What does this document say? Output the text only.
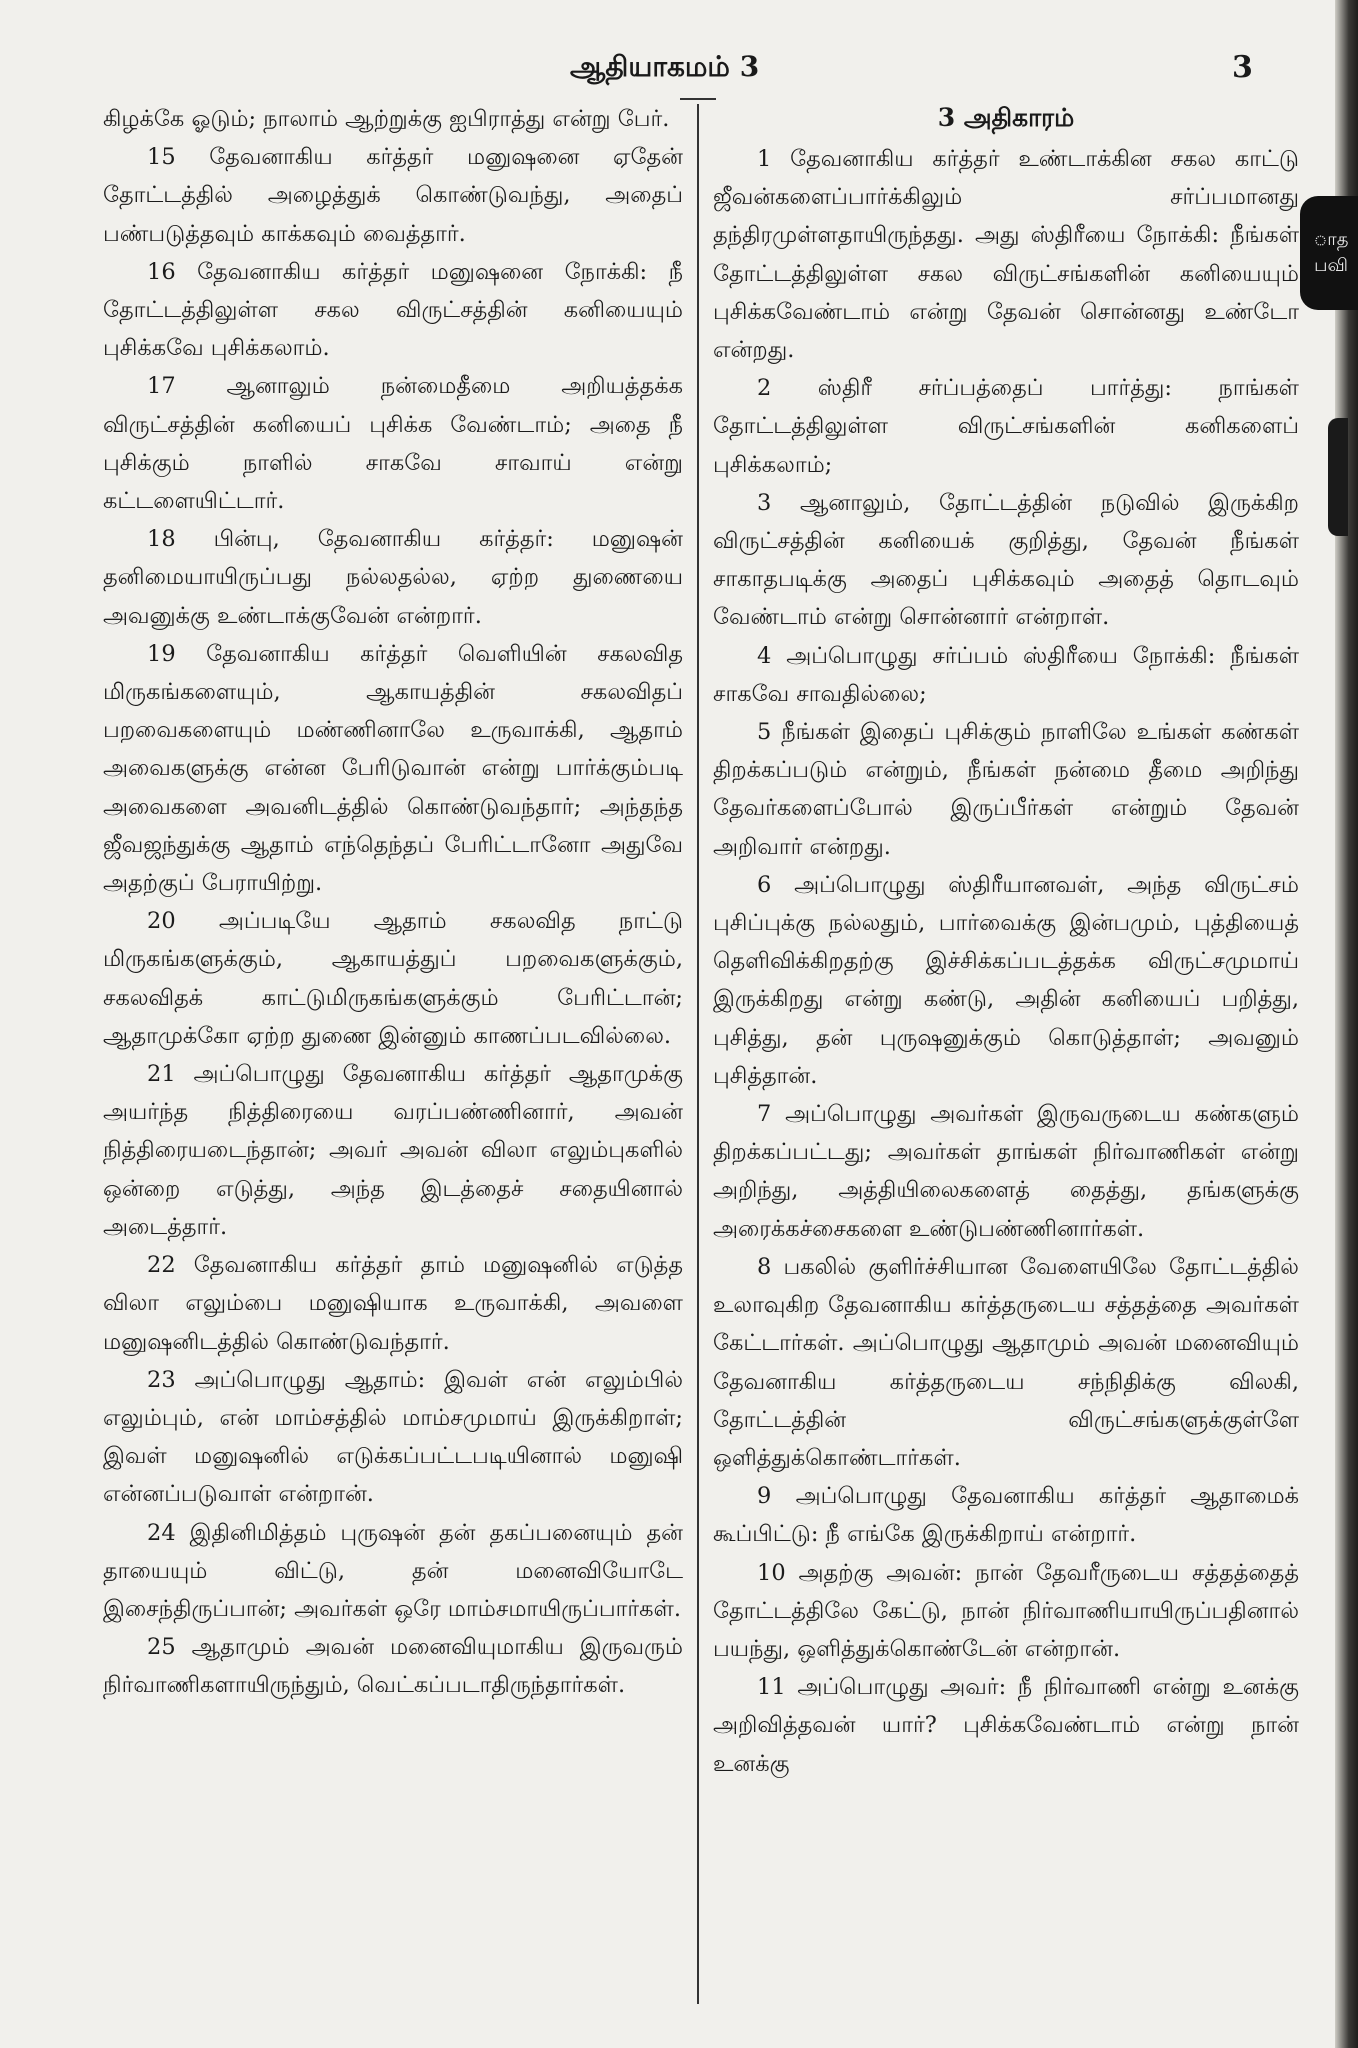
ஆதியாகமம் 3	3

கிழக்கே ஓடும்; நாலாம் ஆற்றுக்கு ஐபிராத்து என்று பேர்.

15 தேவனாகிய கர்த்தர் மனுஷனை ஏதேன் தோட்டத்தில் அழைத்துக் கொண்டுவந்து, அதைப் பண்படுத்தவும் காக்கவும் வைத்தார்.

16 தேவனாகிய கர்த்தர் மனுஷனை நோக்கி: நீ தோட்டத்திலுள்ள சகல விருட்சத்தின் கனியையும் புசிக்கவே புசிக்கலாம்.

17 ஆனாலும் நன்மைதீமை அறியத்தக்க விருட்சத்தின் கனியைப் புசிக்க வேண்டாம்; அதை நீ புசிக்கும் நாளில் சாகவே சாவாய் என்று கட்டளையிட்டார்.

18 பின்பு, தேவனாகிய கர்த்தர்: மனுஷன் தனிமையாயிருப்பது நல்லதல்ல, ஏற்ற துணையை அவனுக்கு உண்டாக்குவேன் என்றார்.

19 தேவனாகிய கர்த்தர் வெளியின் சகலவித மிருகங்களையும், ஆகாயத்தின் சகலவிதப் பறவைகளையும் மண்ணினாலே உருவாக்கி, ஆதாம் அவைகளுக்கு என்ன பேரிடுவான் என்று பார்க்கும்படி அவைகளை அவனிடத்தில் கொண்டுவந்தார்; அந்தந்த ஜீவஜந்துக்கு ஆதாம் எந்தெந்தப் பேரிட்டானோ அதுவே அதற்குப் பேராயிற்று.

20 அப்படியே ஆதாம் சகலவித நாட்டு மிருகங்களுக்கும், ஆகாயத்துப் பறவைகளுக்கும், சகலவிதக் காட்டுமிருகங்களுக்கும் பேரிட்டான்; ஆதாமுக்கோ ஏற்ற துணை இன்னும் காணப்படவில்லை.

21 அப்பொழுது தேவனாகிய கர்த்தர் ஆதாமுக்கு அயர்ந்த நித்திரையை வரப்பண்ணினார், அவன் நித்திரையடைந்தான்; அவர் அவன் விலா எலும்புகளில் ஒன்றை எடுத்து, அந்த இடத்தைச் சதையினால் அடைத்தார்.

22 தேவனாகிய கர்த்தர் தாம் மனுஷனில் எடுத்த விலா எலும்பை மனுஷியாக உருவாக்கி, அவளை மனுஷனிடத்தில் கொண்டுவந்தார்.

23 அப்பொழுது ஆதாம்: இவள் என் எலும்பில் எலும்பும், என் மாம்சத்தில் மாம்சமுமாய் இருக்கிறாள்; இவள் மனுஷனில் எடுக்கப்பட்டபடியினால் மனுஷி என்னப்படுவாள் என்றான்.

24 இதினிமித்தம் புருஷன் தன் தகப்பனையும் தன் தாயையும் விட்டு, தன் மனைவியோடே இசைந்திருப்பான்; அவர்கள் ஒரே மாம்சமாயிருப்பார்கள்.

25 ஆதாமும் அவன் மனைவியுமாகிய இருவரும் நிர்வாணிகளாயிருந்தும், வெட்கப்படாதிருந்தார்கள்.

3 அதிகாரம்

1 தேவனாகிய கர்த்தர் உண்டாக்கின சகல காட்டு ஜீவன்களைப்பார்க்கிலும் சர்ப்பமானது தந்திரமுள்ளதாயிருந்தது. அது ஸ்திரீயை நோக்கி: நீங்கள் தோட்டத்திலுள்ள சகல விருட்சங்களின் கனியையும் புசிக்கவேண்டாம் என்று தேவன் சொன்னது உண்டோ என்றது.

2 ஸ்திரீ சர்ப்பத்தைப் பார்த்து: நாங்கள் தோட்டத்திலுள்ள விருட்சங்களின் கனிகளைப் புசிக்கலாம்;

3 ஆனாலும், தோட்டத்தின் நடுவில் இருக்கிற விருட்சத்தின் கனியைக் குறித்து, தேவன் நீங்கள் சாகாதபடிக்கு அதைப் புசிக்கவும் அதைத் தொடவும் வேண்டாம் என்று சொன்னார் என்றாள்.

4 அப்பொழுது சர்ப்பம் ஸ்திரீயை நோக்கி: நீங்கள் சாகவே சாவதில்லை;

5 நீங்கள் இதைப் புசிக்கும் நாளிலே உங்கள் கண்கள் திறக்கப்படும் என்றும், நீங்கள் நன்மை தீமை அறிந்து தேவர்களைப்போல் இருப்பீர்கள் என்றும் தேவன் அறிவார் என்றது.

6 அப்பொழுது ஸ்திரீயானவள், அந்த விருட்சம் புசிப்புக்கு நல்லதும், பார்வைக்கு இன்பமும், புத்தியைத் தெளிவிக்கிறதற்கு இச்சிக்கப்படத்தக்க விருட்சமுமாய் இருக்கிறது என்று கண்டு, அதின் கனியைப் பறித்து, புசித்து, தன் புருஷனுக்கும் கொடுத்தாள்; அவனும் புசித்தான்.

7 அப்பொழுது அவர்கள் இருவருடைய கண்களும் திறக்கப்பட்டது; அவர்கள் தாங்கள் நிர்வாணிகள் என்று அறிந்து, அத்தியிலைகளைத் தைத்து, தங்களுக்கு அரைக்கச்சைகளை உண்டுபண்ணினார்கள்.

8 பகலில் குளிர்ச்சியான வேளையிலே தோட்டத்தில் உலாவுகிற தேவனாகிய கர்த்தருடைய சத்தத்தை அவர்கள் கேட்டார்கள். அப்பொழுது ஆதாமும் அவன் மனைவியும் தேவனாகிய கர்த்தருடைய சந்நிதிக்கு விலகி, தோட்டத்தின் விருட்சங்களுக்குள்ளே ஒளித்துக்கொண்டார்கள்.

9 அப்பொழுது தேவனாகிய கர்த்தர் ஆதாமைக் கூப்பிட்டு: நீ எங்கே இருக்கிறாய் என்றார்.

10 அதற்கு அவன்: நான் தேவரீருடைய சத்தத்தைத் தோட்டத்திலே கேட்டு, நான் நிர்வாணியாயிருப்பதினால் பயந்து, ஒளித்துக்கொண்டேன் என்றான்.

11 அப்பொழுது அவர்: நீ நிர்வாணி என்று உனக்கு அறிவித்தவன் யார்? புசிக்கவேண்டாம் என்று நான் உனக்கு

ாத
பவி
